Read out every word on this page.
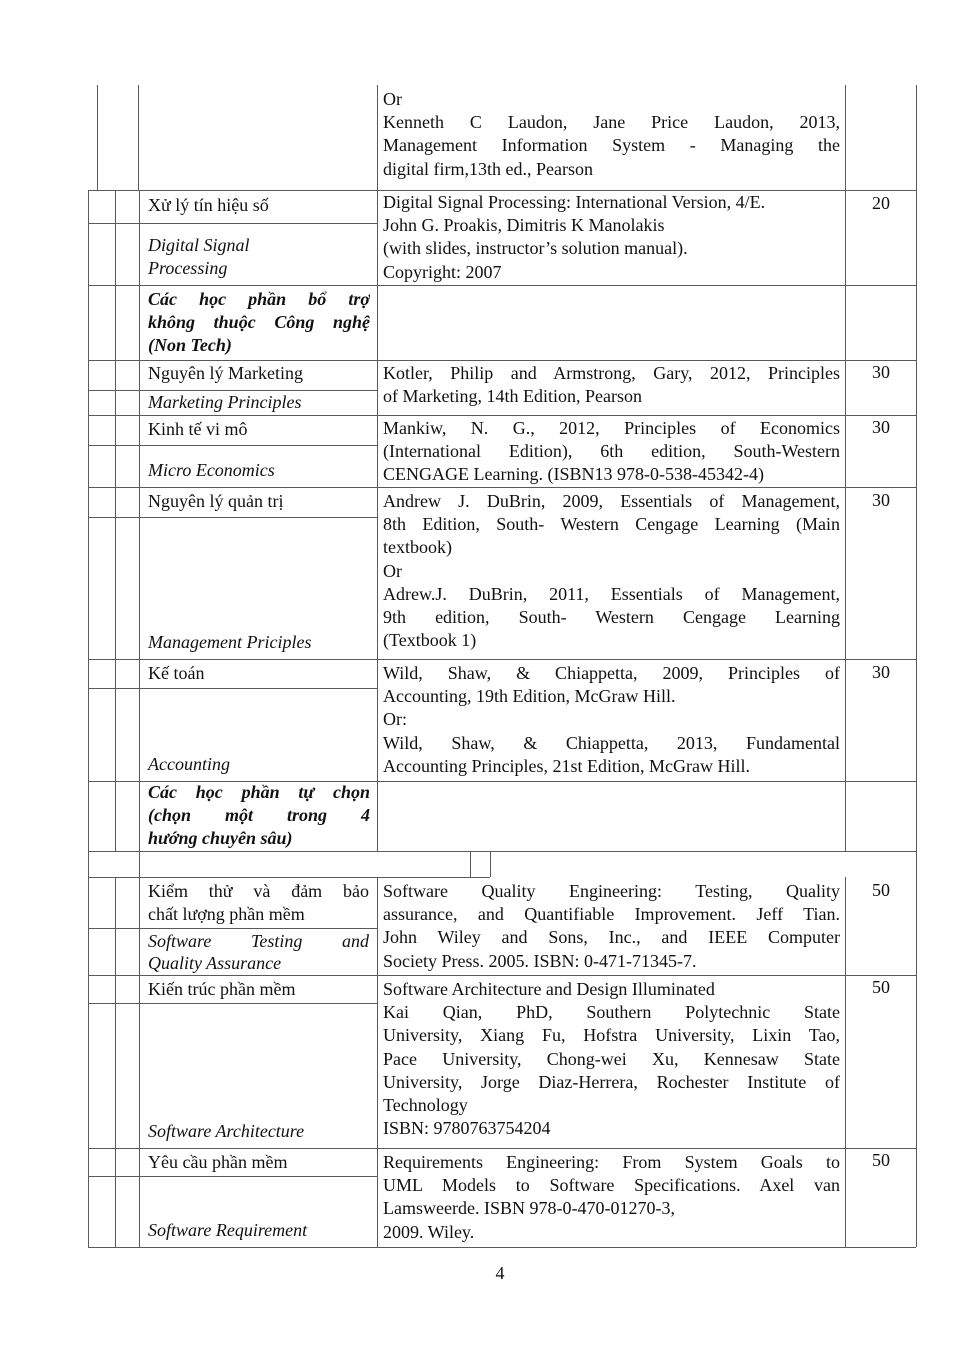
Or
Kenneth C Laudon, Jane Price Laudon, 2013,
Management Information System - Managing the
digital firm,13th ed., Pearson
Xử lý tín hiệu số
Digital Signal
Processing
Digital Signal Processing: International Version, 4/E.
John G. Proakis, Dimitris K Manolakis
(with slides, instructor’s solution manual).
Copyright: 2007
20
Các học phần bổ trợ
không thuộc Công nghệ
(Non Tech)
Nguyên lý Marketing
Marketing Principles
Kotler, Philip and Armstrong, Gary, 2012, Principles
of Marketing, 14th Edition, Pearson
30
Kinh tế vi mô
Micro Economics
Mankiw, N. G., 2012, Principles of Economics
(International Edition), 6th edition, South-Western
CENGAGE Learning. (ISBN13 978-0-538-45342-4)
30
Nguyên lý quản trị
Management Priciples
Andrew J. DuBrin, 2009, Essentials of Management,
8th Edition, South- Western Cengage Learning (Main
textbook)
Or
Adrew.J. DuBrin, 2011, Essentials of Management,
9th edition, South- Western Cengage Learning
(Textbook 1)
30
Kế toán
Accounting
Wild, Shaw, & Chiappetta, 2009, Principles of
Accounting, 19th Edition, McGraw Hill.
Or:
Wild, Shaw, & Chiappetta, 2013, Fundamental
Accounting Principles, 21st Edition, McGraw Hill.
30
Các học phần tự chọn
(chọn một trong 4
hướng chuyên sâu)
Kiểm thử và đảm bảo
chất lượng phần mềm
Software Testing and
Quality Assurance
Software Quality Engineering: Testing, Quality
assurance, and Quantifiable Improvement. Jeff Tian.
John Wiley and Sons, Inc., and IEEE Computer
Society Press. 2005. ISBN: 0-471-71345-7.
50
Kiến trúc phần mềm
Software Architecture
Software Architecture and Design Illuminated
Kai Qian, PhD, Southern Polytechnic State
University, Xiang Fu, Hofstra University, Lixin Tao,
Pace University, Chong-wei Xu, Kennesaw State
University, Jorge Diaz-Herrera, Rochester Institute of
Technology
ISBN: 9780763754204
50
Yêu cầu phần mềm
Software Requirement
Requirements Engineering: From System Goals to
UML Models to Software Specifications. Axel van
Lamsweerde. ISBN 978-0-470-01270-3,
2009. Wiley.
50
4
